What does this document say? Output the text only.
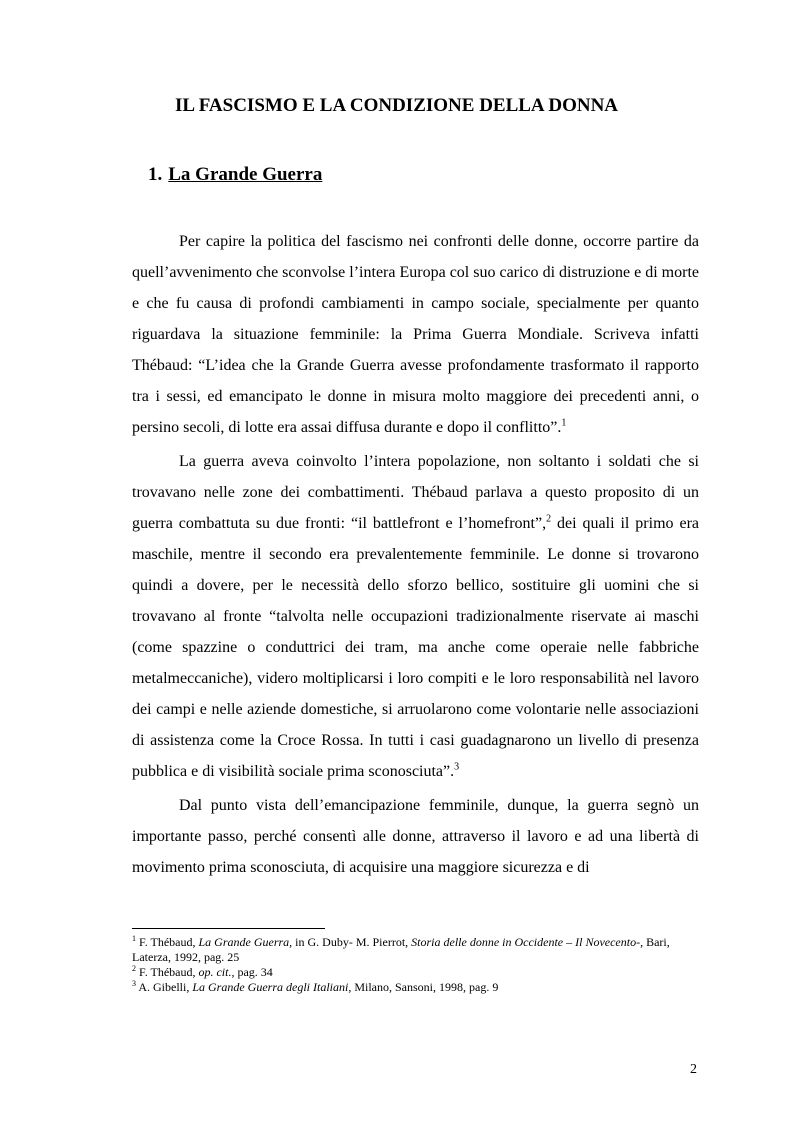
IL FASCISMO E LA CONDIZIONE DELLA DONNA
1. La Grande Guerra

Per capire la politica del fascismo nei confronti delle donne, occorre partire da quell’avvenimento che sconvolse l’intera Europa col suo carico di distruzione e di morte e che fu causa di profondi cambiamenti in campo sociale, specialmente per quanto riguardava la situazione femminile: la Prima Guerra Mondiale. Scriveva infatti Thébaud: “L’idea che la Grande Guerra avesse profondamente trasformato il rapporto tra i sessi, ed emancipato le donne in misura molto maggiore dei precedenti anni, o persino secoli, di lotte era assai diffusa durante e dopo il conflitto”.$^1$

La guerra aveva coinvolto l’intera popolazione, non soltanto i soldati che si trovavano nelle zone dei combattimenti. Thébaud parlava a questo proposito di un guerra combattuta su due fronti: “il battlefront e l’homefront”,$^2$ dei quali il primo era maschile, mentre il secondo era prevalentemente femminile. Le donne si trovarono quindi a dovere, per le necessità dello sforzo bellico, sostituire gli uomini che si trovavano al fronte “talvolta nelle occupazioni tradizionalmente riservate ai maschi (come spazzine o conduttrici dei tram, ma anche come operaie nelle fabbriche metalmeccaniche), videro moltiplicarsi i loro compiti e le loro responsabilità nel lavoro dei campi e nelle aziende domestiche, si arruolarono come volontarie nelle associazioni di assistenza come la Croce Rossa. In tutti i casi guadagnarono un livello di presenza pubblica e di visibilità sociale prima sconosciuta”.$^3$

Dal punto vista dell’emancipazione femminile, dunque, la guerra segnò un importante passo, perché consentì alle donne, attraverso il lavoro e ad una libertà di movimento prima sconosciuta, di acquisire una maggiore sicurezza e di

$^1$ F. Thébaud, La Grande Guerra, in G. Duby- M. Pierrot, Storia delle donne in Occidente – Il Novecento-, Bari, Laterza, 1992, pag. 25
$^2$ F. Thébaud, op. cit., pag. 34
$^3$ A. Gibelli, La Grande Guerra degli Italiani, Milano, Sansoni, 1998, pag. 9
2
